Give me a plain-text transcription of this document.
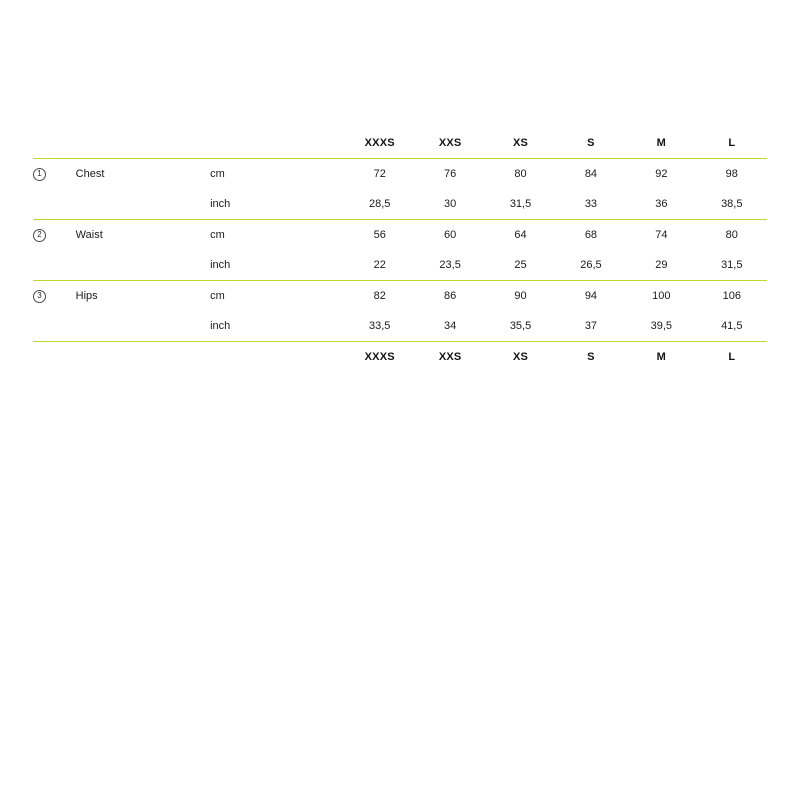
			XXXS	XXS	XS	S	M	L

1	Chest	cm	72	76	80	84	92	98
		inch	28,5	30	31,5	33	36	38,5

2	Waist	cm	56	60	64	68	74	80
		inch	22	23,5	25	26,5	29	31,5

3	Hips	cm	82	86	90	94	100	106
		inch	33,5	34	35,5	37	39,5	41,5

			XXXS	XXS	XS	S	M	L
